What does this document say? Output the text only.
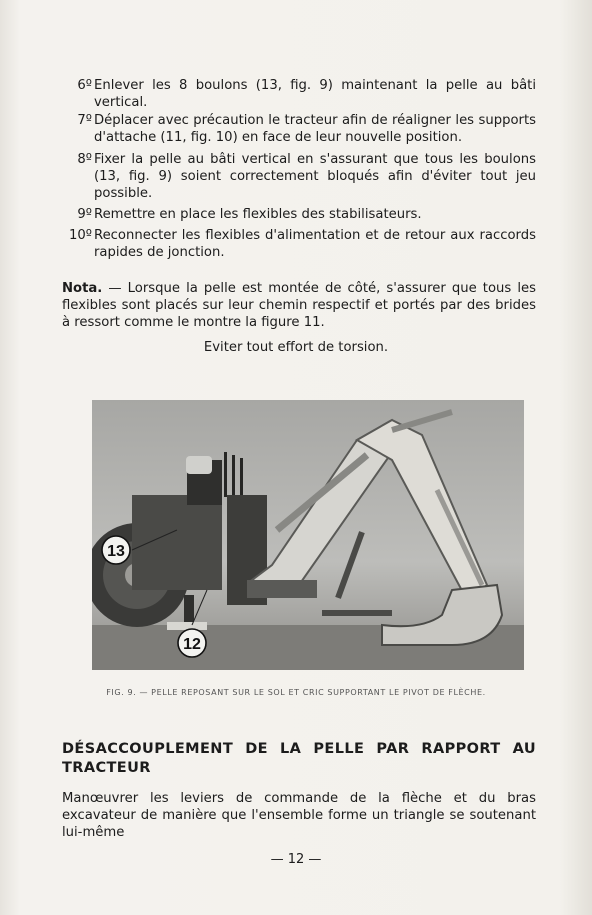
6º Enlever les 8 boulons (13, fig. 9) maintenant la pelle au bâti vertical.
7º Déplacer avec précaution le tracteur afin de réaligner les supports d'attache (11, fig. 10) en face de leur nouvelle position.
8º Fixer la pelle au bâti vertical en s'assurant que tous les boulons (13, fig. 9) soient correctement bloqués afin d'éviter tout jeu possible.
9º Remettre en place les flexibles des stabilisateurs.
10º Reconnecter les flexibles d'alimentation et de retour aux raccords rapides de jonction.
Nota. — Lorsque la pelle est montée de côté, s'assurer que tous les flexibles sont placés sur leur chemin respectif et portés par des brides à ressort comme le montre la figure 11.
Eviter tout effort de torsion.
13
12
FIG. 9. — PELLE REPOSANT SUR LE SOL ET CRIC SUPPORTANT LE PIVOT DE FLÈCHE.
DÉSACCOUPLEMENT DE LA PELLE PAR RAPPORT AU TRACTEUR
Manœuvrer les leviers de commande de la flèche et du bras excavateur de manière que l'ensemble forme un triangle se soutenant lui-même
— 12 —
